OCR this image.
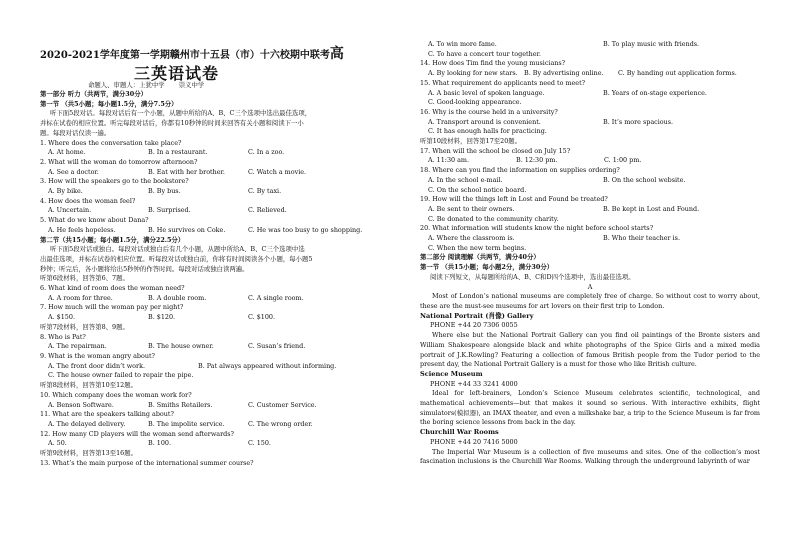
2020-2021学年度第一学期赣州市十五县（市）十六校期中联考高
三英语试卷
命题人、审题人：上犹中学 崇义中学
第一部分 听力（共两节，满分30分）
第一节 （共5小题；每小题1.5分，满分7.5分）
听下面5段对话。每段对话后有一个小题，从题中所给的A、B、C三个选项中选出最佳选项，
并标在试卷的相应位置。听完每段对话后，你都有10秒钟的时间来回答有关小题和阅读下一小
题。每段对话仅读一遍。
1. Where does the conversation take place?
A. At home.	B. In a restaurant.	C. In a zoo.
2. What will the woman do tomorrow afternoon?
A. See a doctor.	B. Eat with her brother.	C. Watch a movie.
3. How will the speakers go to the bookstore?
A. By bike.	B. By bus.	C. By taxi.
4. How does the woman feel?
A. Uncertain.	B. Surprised.	C. Relieved.
5. What do we know about Dana?
A. He feels hopeless.	B. He survives on Coke.	C. He was too busy to go shopping.
第二节（共15小题；每小题1.5分，满分22.5分）
听下面5段对话或独白。每段对话或独白后有几个小题，从题中所给A、B、C三个选项中选
出最佳选项，并标在试卷的相应位置。听每段对话或独白前，你将有时间阅读各个小题，每小题5
秒钟；听完后，各小题将给出5秒钟的作答时间。每段对话或独白读两遍。
听第6段材料，回答第6、7题。
6. What kind of room does the woman need?
A. A room for three.	B. A double room.	C. A single room.
7. How much will the woman pay per night?
A. $150.	B. $120.	C. $100.
听第7段材料，回答第8、9题。
8. Who is Pat?
A. The repairman.	B. The house owner.	C. Susan’s friend.
9. What is the woman angry about?
A. The front door didn’t work.	B. Pat always appeared without informing.
C. The house owner failed to repair the pipe.
听第8段材料，回答第10至12题。
10. Which company does the woman work for?
A. Benson Software.	B. Smiths Retailers.	C. Customer Service.
11. What are the speakers talking about?
A. The delayed delivery.	B. The impolite service.	C. The wrong order.
12. How many CD players will the woman send afterwards?
A. 50.	B. 100.	C. 150.
听第9段材料，回答第13至16题。
13. What’s the main purpose of the international summer course?
A. To win more fame.	B. To play music with friends.
C. To have a concert tour together.
14. How does Tim find the young musicians?
A. By looking for new stars. B. By advertising online.	C. By handing out application forms.
15. What requirement do applicants need to meet?
A. A basic level of spoken language.	B. Years of on-stage experience.
C. Good-looking appearance.
16. Why is the course held in a university?
A. Transport around is convenient.	B. It’s more spacious.
C. It has enough halls for practicing.
听第10段材料，回答第17至20题。
17. When will the school be closed on July 15?
A. 11:30 am.	B. 12:30 pm.	C. 1:00 pm.
18. Where can you find the information on supplies ordering?
A. In the school e-mail.	B. On the school website.
C. On the school notice board.
19. How will the things left in Lost and Found be treated?
A. Be sent to their owners.	B. Be kept in Lost and Found.
C. Be donated to the community charity.
20. What information will students know the night before school starts?
A. Where the classroom is.	B. Who their teacher is.
C. When the new term begins.
第二部分 阅读理解（共两节，满分40分）
第一节 （共15小题；每小题2分，满分30分）
阅读下列短文，从每题所给的A、B、C和D四个选项中，选出最佳选项。
A
Most of London’s national museums are completely free of charge. So without cost to worry about, these are the must-see museums for art lovers on their first trip to London.
National Portrait (肖像) Gallery
PHONE +44 20 7306 0055
Where else but the National Portrait Gallery can you find oil paintings of the Bronte sisters and William Shakespeare alongside black and white photographs of the Spice Girls and a mixed media portrait of J.K.Rowling? Featuring a collection of famous British people from the Tudor period to the present day, the National Portrait Gallery is a must for those who like British culture.
Science Museum
PHONE +44 33 3241 4000
Ideal for left-brainers, London’s Science Museum celebrates scientific, technological, and mathematical achievements—but that makes it sound so serious. With interactive exhibits, flight simulators(模拟器), an IMAX theater, and even a milkshake bar, a trip to the Science Museum is far from the boring science lessons from back in the day.
Churchill War Rooms
PHONE +44 20 7416 5000
The Imperial War Museum is a collection of five museums and sites. One of the collection’s most fascination inclusions is the Churchill War Rooms. Walking through the underground labyrinth of war
